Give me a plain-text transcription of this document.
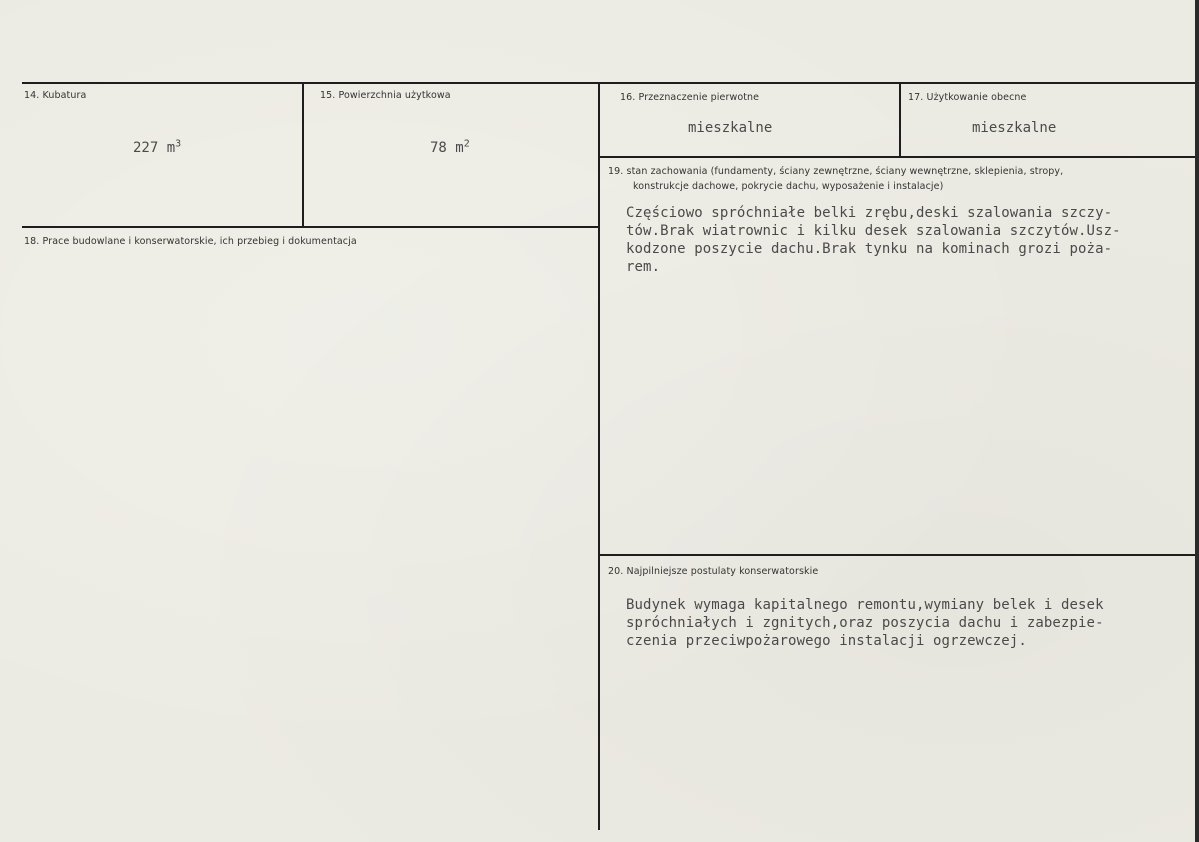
14. Kubatura
227 $m^3$
15. Powierzchnia użytkowa
78 $m^2$
16. Przeznaczenie pierwotne
mieszkalne
17. Użytkowanie obecne
mieszkalne
18. Prace budowlane i konserwatorskie, ich przebieg i dokumentacja
19. stan zachowania (fundamenty, ściany zewnętrzne, ściany wewnętrzne, sklepienia, stropy,
konstrukcje dachowe, pokrycie dachu, wyposażenie i instalacje)
Częściowo spróchniałe belki zrębu,deski szalowania szczy-
tów.Brak wiatrownic i kilku desek szalowania szczytów.Usz-
kodzone poszycie dachu.Brak tynku na kominach grozi poża-
rem.
20. Najpilniejsze postulaty konserwatorskie
Budynek wymaga kapitalnego remontu,wymiany belek i desek
spróchniałych i zgnitych,oraz poszycia dachu i zabezpie-
czenia przeciwpożarowego instalacji ogrzewczej.
